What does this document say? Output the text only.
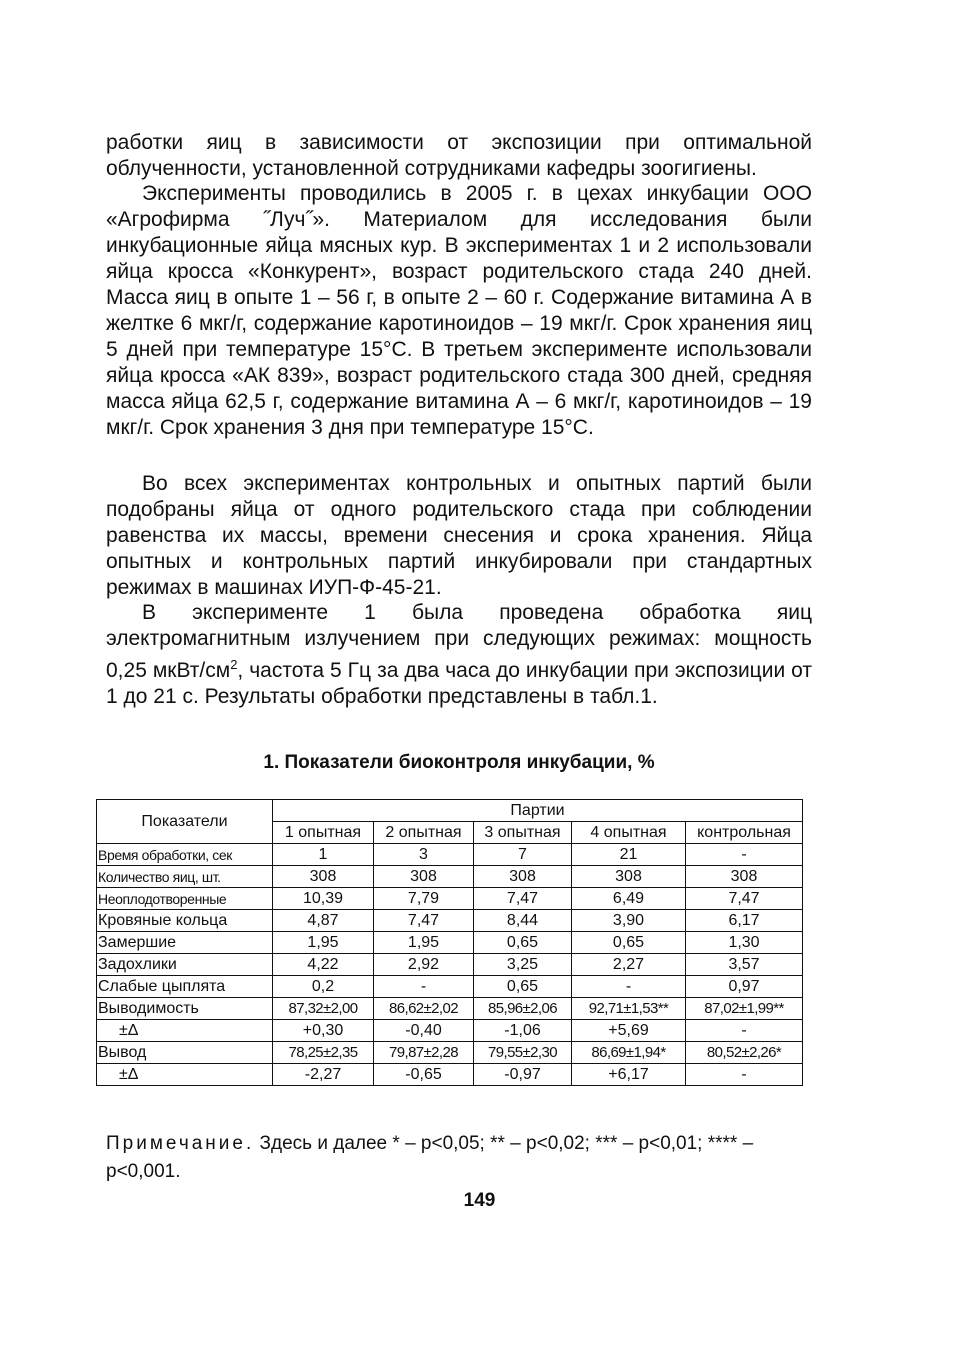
работки яиц в зависимости от экспозиции при оптимальной облученности, установленной сотрудниками кафедры зоогигиены.

Эксперименты проводились в 2005 г. в цехах инкубации ООО «Агрофирма ˝Луч˝». Материалом для исследования были инкубационные яйца мясных кур. В экспериментах 1 и 2 использовали яйца кросса «Конкурент», возраст родительского стада 240 дней. Масса яиц в опыте 1 – 56 г, в опыте 2 – 60 г. Содержание витамина А в желтке 6 мкг/г, содержание каротиноидов – 19 мкг/г. Срок хранения яиц 5 дней при температуре 15°С. В третьем эксперименте использовали яйца кросса «АК 839», возраст родительского стада 300 дней, средняя масса яйца 62,5 г, содержание витамина А – 6 мкг/г, каротиноидов – 19 мкг/г. Срок хранения 3 дня при температуре 15°С.

Во всех экспериментах контрольных и опытных партий были подобраны яйца от одного родительского стада при соблюдении равенства их массы, времени снесения и срока хранения. Яйца опытных и контрольных партий инкубировали при стандартных режимах в машинах ИУП-Ф-45-21.

В эксперименте 1 была проведена обработка яиц электромагнитным излучением при следующих режимах: мощность 0,25 мкВт/$см^2$, частота 5 Гц за два часа до инкубации при экспозиции от 1 до 21 с. Результаты обработки представлены в табл.1.

1. Показатели биоконтроля инкубации, %
Показатели	Партии				
	1 опытная	2 опытная	3 опытная	4 опытная	контрольная
Время обработки, сек	1	3	7	21	-
Количество яиц, шт.	308	308	308	308	308
Неоплодотворенные	10,39	7,79	7,47	6,49	7,47
Кровяные кольца	4,87	7,47	8,44	3,90	6,17
Замершие	1,95	1,95	0,65	0,65	1,30
Задохлики	4,22	2,92	3,25	2,27	3,57
Слабые цыплята	0,2	-	0,65	-	0,97
Выводимость	87,32±2,00	86,62±2,02	85,96±2,06	92,71±1,53**	87,02±1,99**
±Δ	+0,30	-0,40	-1,06	+5,69	-
Вывод	78,25±2,35	79,87±2,28	79,55±2,30	86,69±1,94*	80,52±2,26*
±Δ	-2,27	-0,65	-0,97	+6,17	-
Примечание. Здесь и далее * – р<0,05; ** – р<0,02; *** – р<0,01; **** – р<0,001.
149
